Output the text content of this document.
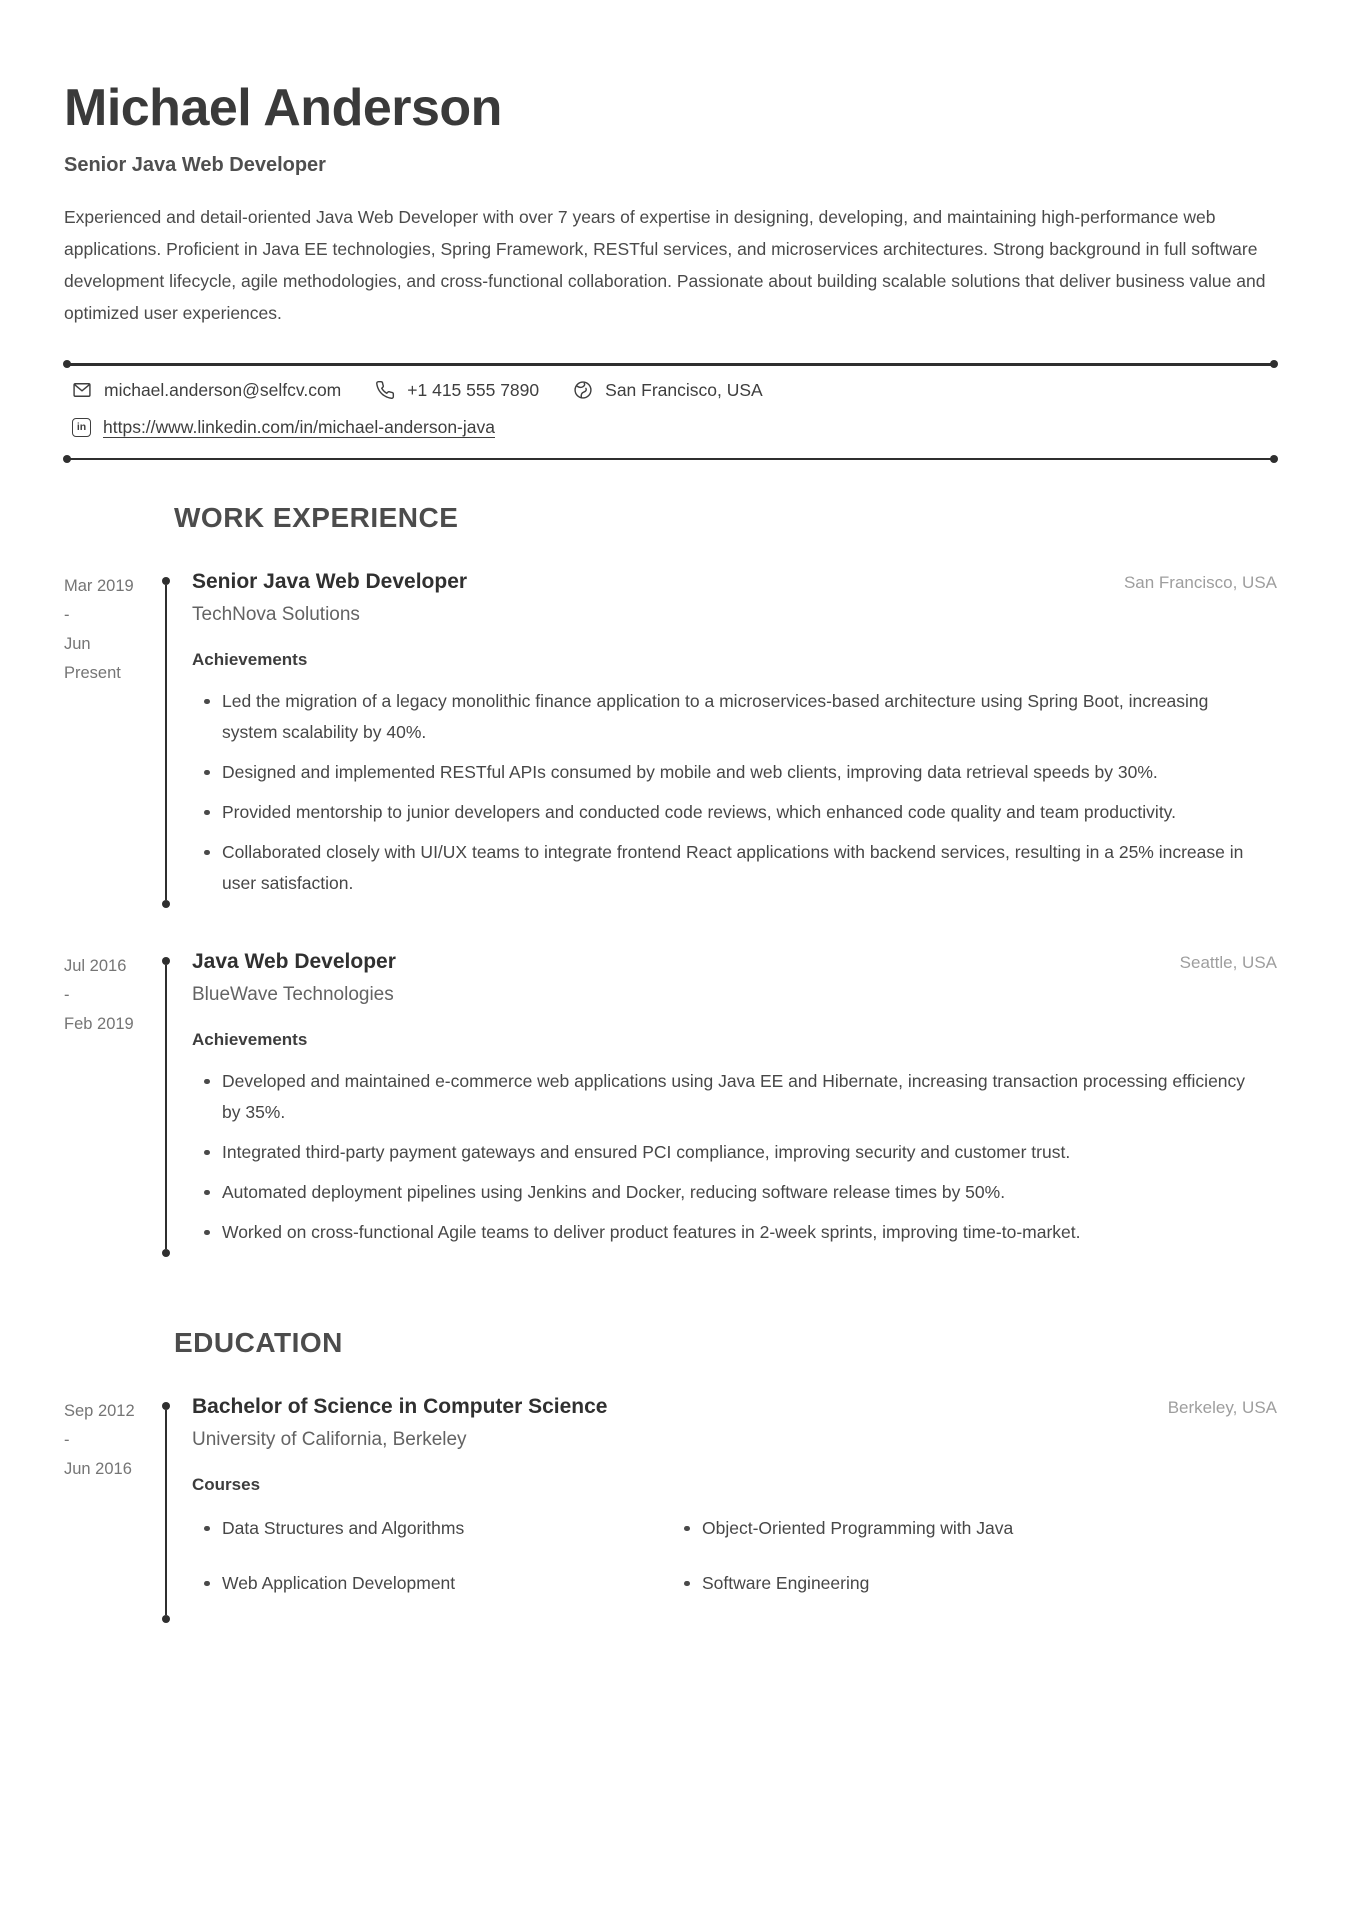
Michael Anderson
Senior Java Web Developer

Experienced and detail-oriented Java Web Developer with over 7 years of expertise in designing, developing, and maintaining high-performance web applications. Proficient in Java EE technologies, Spring Framework, RESTful services, and microservices architectures. Strong background in full software development lifecycle, agile methodologies, and cross-functional collaboration. Passionate about building scalable solutions that deliver business value and optimized user experiences.

michael.anderson@selfcv.com	+1 415 555 7890	San Francisco, USA
in https://www.linkedin.com/in/michael-anderson-java
WORK EXPERIENCE
Mar 2019
-
Jun
Present
Senior Java Web Developer	San Francisco, USA
TechNova Solutions
Achievements
Led the migration of a legacy monolithic finance application to a microservices-based architecture using Spring Boot, increasing system scalability by 40%.
Designed and implemented RESTful APIs consumed by mobile and web clients, improving data retrieval speeds by 30%.
Provided mentorship to junior developers and conducted code reviews, which enhanced code quality and team productivity.
Collaborated closely with UI/UX teams to integrate frontend React applications with backend services, resulting in a 25% increase in user satisfaction.
Jul 2016
-
Feb 2019
Java Web Developer	Seattle, USA
BlueWave Technologies
Achievements
Developed and maintained e-commerce web applications using Java EE and Hibernate, increasing transaction processing efficiency by 35%.
Integrated third-party payment gateways and ensured PCI compliance, improving security and customer trust.
Automated deployment pipelines using Jenkins and Docker, reducing software release times by 50%.
Worked on cross-functional Agile teams to deliver product features in 2-week sprints, improving time-to-market.
EDUCATION
Sep 2012
-
Jun 2016
Bachelor of Science in Computer Science	Berkeley, USA
University of California, Berkeley
Courses
Data Structures and Algorithms
Web Application Development
Object-Oriented Programming with Java
Software Engineering
